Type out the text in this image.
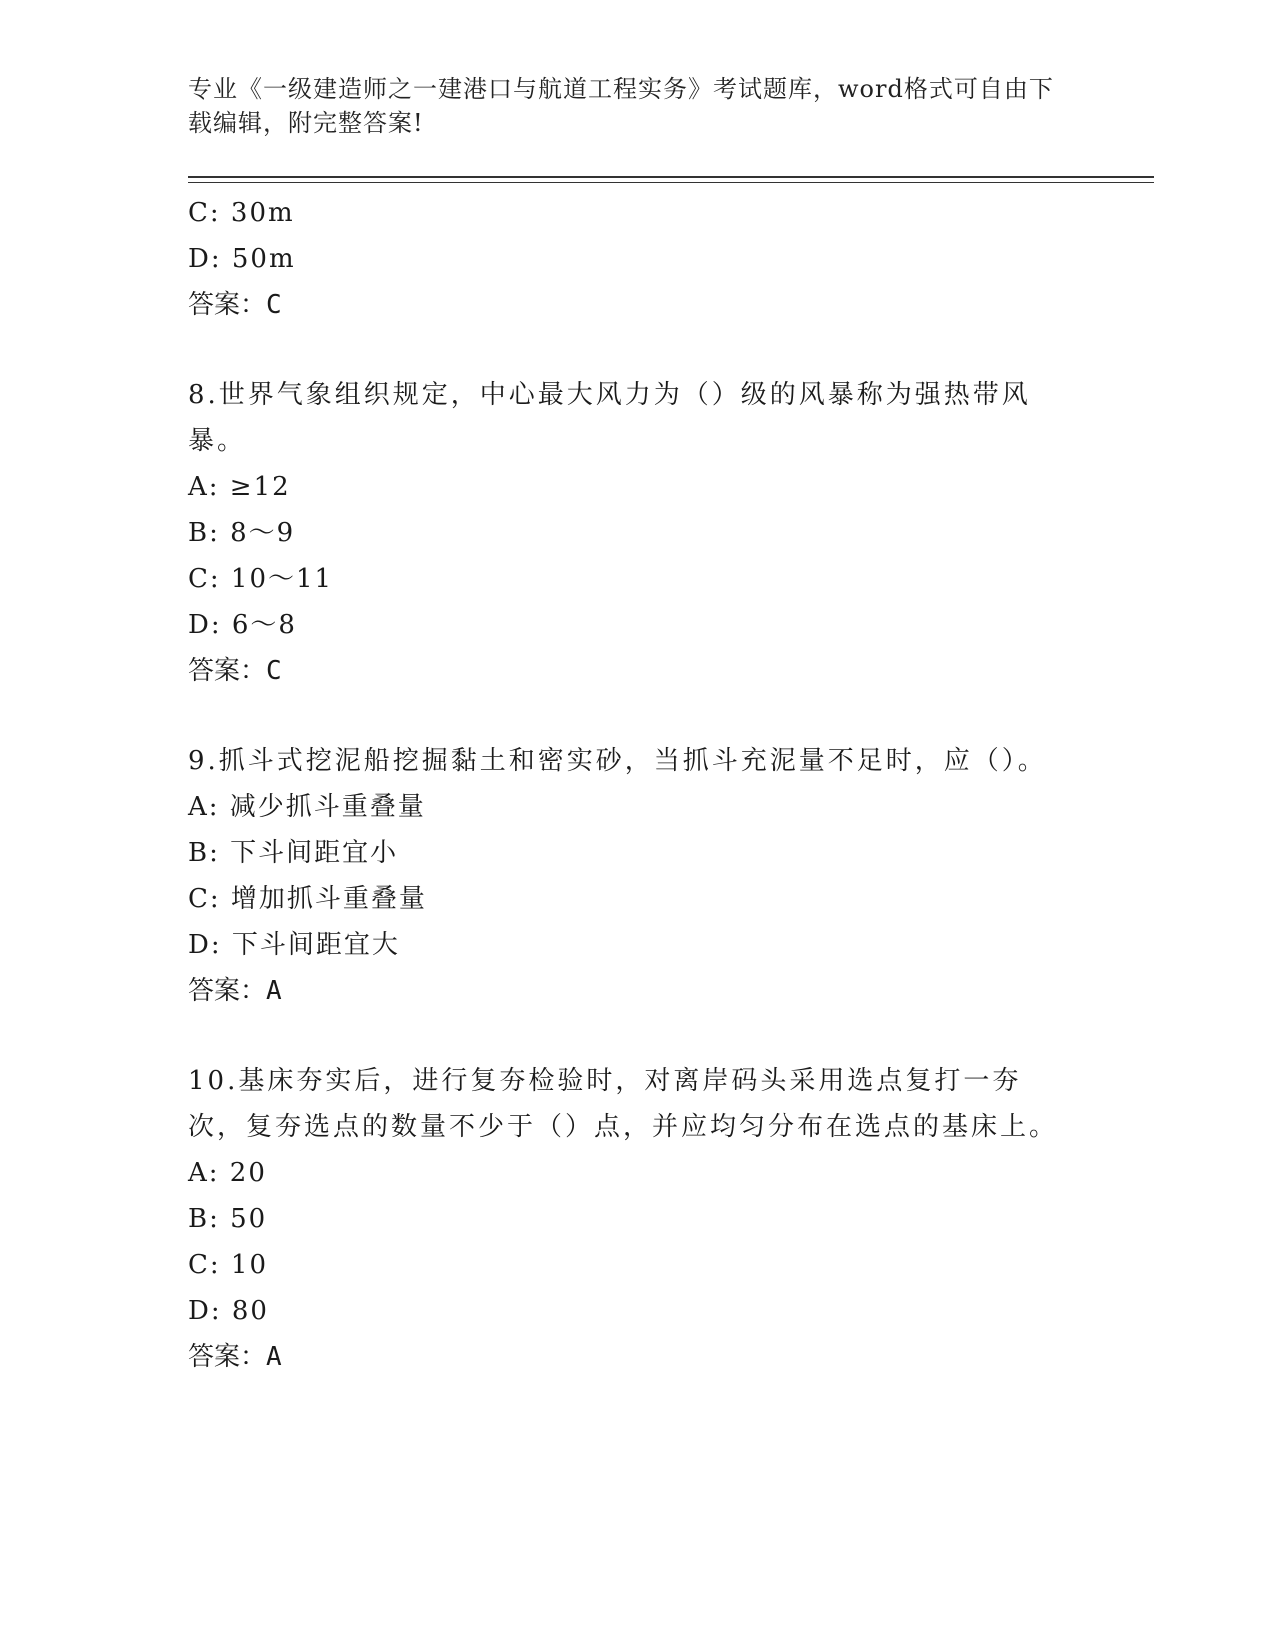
专业《一级建造师之一建港口与航道工程实务》考试题库，word格式可自由下载编辑，附完整答案!
C: 30m
D: 50m
答案：C
8.世界气象组织规定，中心最大风力为（）级的风暴称为强热带风暴。
A: ≥12
B: 8～9
C: 10～11
D: 6～8
答案：C
9.抓斗式挖泥船挖掘黏土和密实砂，当抓斗充泥量不足时，应（）。
A: 减少抓斗重叠量
B: 下斗间距宜小
C: 增加抓斗重叠量
D: 下斗间距宜大
答案：A
10.基床夯实后，进行复夯检验时，对离岸码头采用选点复打一夯次，复夯选点的数量不少于（）点，并应均匀分布在选点的基床上。
A: 20
B: 50
C: 10
D: 80
答案：A
